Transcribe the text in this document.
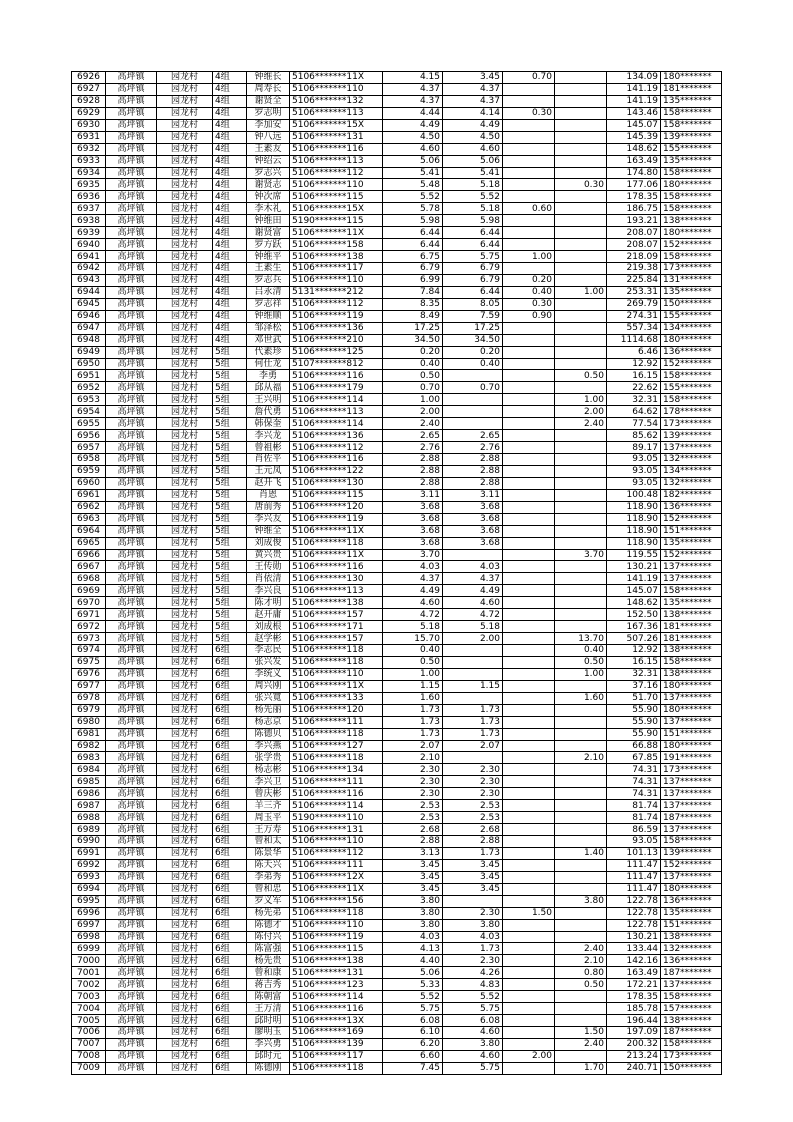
6926	高坪镇	园龙村	4组	钟维长	5106*******11X	4.15	3.45	0.70		134.09	180*******
6927	高坪镇	园龙村	4组	周寿长	5106*******110	4.37	4.37			141.19	181*******
6928	高坪镇	园龙村	4组	谢贤全	5106*******132	4.37	4.37			141.19	135*******
6929	高坪镇	园龙村	4组	罗志明	5106*******113	4.44	4.14	0.30		143.46	158*******
6930	高坪镇	园龙村	4组	李加安	5106*******15X	4.49	4.49			145.07	158*******
6931	高坪镇	园龙村	4组	钟八远	5106*******131	4.50	4.50			145.39	139*******
6932	高坪镇	园龙村	4组	王素友	5106*******116	4.60	4.60			148.62	155*******
6933	高坪镇	园龙村	4组	钟绍云	5106*******113	5.06	5.06			163.49	135*******
6934	高坪镇	园龙村	4组	罗志兴	5106*******112	5.41	5.41			174.80	158*******
6935	高坪镇	园龙村	4组	谢贤志	5106*******110	5.48	5.18		0.30	177.06	180*******
6936	高坪镇	园龙村	4组	钟次席	5106*******115	5.52	5.52			178.35	158*******
6937	高坪镇	园龙村	4组	李木礼	5106*******15X	5.78	5.18	0.60		186.75	158*******
6938	高坪镇	园龙村	4组	钟维田	5190*******115	5.98	5.98			193.21	138*******
6939	高坪镇	园龙村	4组	谢贤富	5106*******11X	6.44	6.44			208.07	180*******
6940	高坪镇	园龙村	4组	罗方跃	5106*******158	6.44	6.44			208.07	152*******
6941	高坪镇	园龙村	4组	钟维平	5106*******138	6.75	5.75	1.00		218.09	158*******
6942	高坪镇	园龙村	4组	王素生	5106*******117	6.79	6.79			219.38	173*******
6943	高坪镇	园龙村	4组	罗志兵	5106*******110	6.99	6.79	0.20		225.84	131*******
6944	高坪镇	园龙村	4组	吕永清	5131*******212	7.84	6.44	0.40	1.00	253.31	135*******
6945	高坪镇	园龙村	4组	罗志祥	5106*******112	8.35	8.05	0.30		269.79	150*******
6946	高坪镇	园龙村	4组	钟维顺	5106*******119	8.49	7.59	0.90		274.31	155*******
6947	高坪镇	园龙村	4组	邹泽松	5106*******136	17.25	17.25			557.34	134*******
6948	高坪镇	园龙村	4组	邓世武	5106*******210	34.50	34.50			1114.68	180*******
6949	高坪镇	园龙村	5组	代素珍	5106*******125	0.20	0.20			6.46	136*******
6950	高坪镇	园龙村	5组	何仕龙	5107*******812	0.40	0.40			12.92	152*******
6951	高坪镇	园龙村	5组	李勇	5106*******116	0.50			0.50	16.15	158*******
6952	高坪镇	园龙村	5组	邱从福	5106*******179	0.70	0.70			22.62	155*******
6953	高坪镇	园龙村	5组	王兴明	5106*******114	1.00			1.00	32.31	158*******
6954	高坪镇	园龙村	5组	詹代勇	5106*******113	2.00			2.00	64.62	178*******
6955	高坪镇	园龙村	5组	韩保奎	5106*******114	2.40			2.40	77.54	173*******
6956	高坪镇	园龙村	5组	李兴龙	5106*******136	2.65	2.65			85.62	139*******
6957	高坪镇	园龙村	5组	曾祖彬	5106*******112	2.76	2.76			89.17	137*******
6958	高坪镇	园龙村	5组	肖佐平	5106*******116	2.88	2.88			93.05	132*******
6959	高坪镇	园龙村	5组	王元凤	5106*******122	2.88	2.88			93.05	134*******
6960	高坪镇	园龙村	5组	赵开飞	5106*******130	2.88	2.88			93.05	132*******
6961	高坪镇	园龙村	5组	肖恩	5106*******115	3.11	3.11			100.48	182*******
6962	高坪镇	园龙村	5组	唐前秀	5106*******120	3.68	3.68			118.90	136*******
6963	高坪镇	园龙村	5组	李兴友	5106*******119	3.68	3.68			118.90	152*******
6964	高坪镇	园龙村	5组	钟维全	5106*******11X	3.68	3.68			118.90	151*******
6965	高坪镇	园龙村	5组	刘成俊	5106*******118	3.68	3.68			118.90	135*******
6966	高坪镇	园龙村	5组	黄兴贵	5106*******11X	3.70			3.70	119.55	152*******
6967	高坪镇	园龙村	5组	王传勋	5106*******116	4.03	4.03			130.21	137*******
6968	高坪镇	园龙村	5组	肖依清	5106*******130	4.37	4.37			141.19	137*******
6969	高坪镇	园龙村	5组	李兴良	5106*******113	4.49	4.49			145.07	158*******
6970	高坪镇	园龙村	5组	陈才明	5106*******138	4.60	4.60			148.62	135*******
6971	高坪镇	园龙村	5组	赵开庸	5106*******157	4.72	4.72			152.50	138*******
6972	高坪镇	园龙村	5组	刘成根	5106*******171	5.18	5.18			167.36	181*******
6973	高坪镇	园龙村	5组	赵学彬	5106*******157	15.70	2.00		13.70	507.26	181*******
6974	高坪镇	园龙村	6组	李志民	5106*******118	0.40			0.40	12.92	138*******
6975	高坪镇	园龙村	6组	张兴发	5106*******118	0.50			0.50	16.15	158*******
6976	高坪镇	园龙村	6组	李统义	5106*******110	1.00			1.00	32.31	138*******
6977	高坪镇	园龙村	6组	周兴刚	5106*******11X	1.15	1.15			37.16	180*******
6978	高坪镇	园龙村	6组	张兴寬	5106*******133	1.60			1.60	51.70	137*******
6979	高坪镇	园龙村	6组	杨先丽	5106*******120	1.73	1.73			55.90	180*******
6980	高坪镇	园龙村	6组	杨志京	5106*******111	1.73	1.73			55.90	137*******
6981	高坪镇	园龙村	6组	陈德贝	5106*******118	1.73	1.73			55.90	151*******
6982	高坪镇	园龙村	6组	李兴燕	5106*******127	2.07	2.07			66.88	180*******
6983	高坪镇	园龙村	6组	张学贵	5106*******118	2.10			2.10	67.85	191*******
6984	高坪镇	园龙村	6组	杨志彬	5106*******134	2.30	2.30			74.31	173*******
6985	高坪镇	园龙村	6组	李兴卫	5106*******111	2.30	2.30			74.31	137*******
6986	高坪镇	园龙村	6组	曾庆彬	5106*******116	2.30	2.30			74.31	137*******
6987	高坪镇	园龙村	6组	羊三齐	5106*******114	2.53	2.53			81.74	137*******
6988	高坪镇	园龙村	6组	周玉平	5190*******110	2.53	2.53			81.74	187*******
6989	高坪镇	园龙村	6组	王万寿	5106*******131	2.68	2.68			86.59	137*******
6990	高坪镇	园龙村	6组	曾和太	5106*******110	2.88	2.88			93.05	158*******
6991	高坪镇	园龙村	6组	陈景华	5106*******112	3.13	1.73		1.40	101.13	139*******
6992	高坪镇	园龙村	6组	陈天兴	5106*******111	3.45	3.45			111.47	152*******
6993	高坪镇	园龙村	6组	李弟秀	5106*******12X	3.45	3.45			111.47	137*******
6994	高坪镇	园龙村	6组	曾和忠	5106*******11X	3.45	3.45			111.47	180*******
6995	高坪镇	园龙村	6组	罗义军	5106*******156	3.80			3.80	122.78	136*******
6996	高坪镇	园龙村	6组	杨先弟	5106*******118	3.80	2.30	1.50		122.78	135*******
6997	高坪镇	园龙村	6组	陈德才	5106*******110	3.80	3.80			122.78	151*******
6998	高坪镇	园龙村	6组	陈付兴	5106*******119	4.03	4.03			130.21	138*******
6999	高坪镇	园龙村	6组	陈富强	5106*******115	4.13	1.73		2.40	133.44	132*******
7000	高坪镇	园龙村	6组	杨先贵	5106*******138	4.40	2.30		2.10	142.16	136*******
7001	高坪镇	园龙村	6组	曾和康	5106*******131	5.06	4.26		0.80	163.49	187*******
7002	高坪镇	园龙村	6组	蒋吉秀	5106*******123	5.33	4.83		0.50	172.21	137*******
7003	高坪镇	园龙村	6组	陈朝富	5106*******114	5.52	5.52			178.35	158*******
7004	高坪镇	园龙村	6组	王万清	5106*******116	5.75	5.75			185.78	157*******
7005	高坪镇	园龙村	6组	邱时明	5106*******13X	6.08	6.08			196.44	138*******
7006	高坪镇	园龙村	6组	廖明玉	5106*******169	6.10	4.60		1.50	197.09	187*******
7007	高坪镇	园龙村	6组	李兴勇	5106*******139	6.20	3.80		2.40	200.32	158*******
7008	高坪镇	园龙村	6组	邱时元	5106*******117	6.60	4.60	2.00		213.24	173*******
7009	高坪镇	园龙村	6组	陈德刚	5106*******118	7.45	5.75		1.70	240.71	150*******
